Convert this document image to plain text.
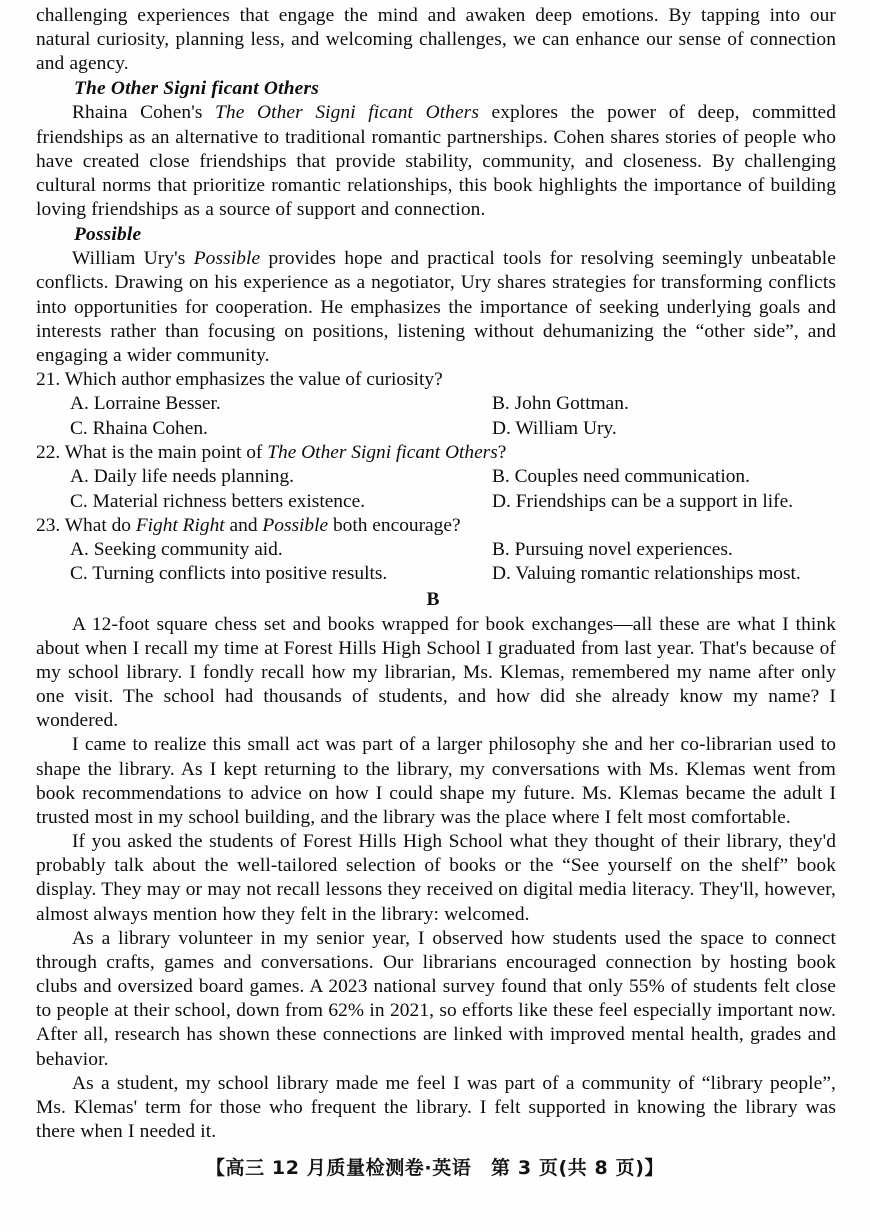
challenging experiences that engage the mind and awaken deep emotions. By tapping into our natural curiosity, planning less, and welcoming challenges, we can enhance our sense of connection and agency.

The Other Signi ficant Others

Rhaina Cohen's The Other Signi ficant Others explores the power of deep, committed friendships as an alternative to traditional romantic partnerships. Cohen shares stories of people who have created close friendships that provide stability, community, and closeness. By challenging cultural norms that prioritize romantic relationships, this book highlights the importance of building loving friendships as a source of support and connection.

Possible

William Ury's Possible provides hope and practical tools for resolving seemingly unbeatable conflicts. Drawing on his experience as a negotiator, Ury shares strategies for transforming conflicts into opportunities for cooperation. He emphasizes the importance of seeking underlying goals and interests rather than focusing on positions, listening without dehumanizing the “other side”, and engaging a wider community.

21. Which author emphasizes the value of curiosity?

A. Lorraine Besser.	B. John Gottman.
C. Rhaina Cohen.	D. William Ury.

22. What is the main point of The Other Signi ficant Others?

A. Daily life needs planning.	B. Couples need communication.
C. Material richness betters existence.	D. Friendships can be a support in life.

23. What do Fight Right and Possible both encourage?

A. Seeking community aid.	B. Pursuing novel experiences.
C. Turning conflicts into positive results.	D. Valuing romantic relationships most.

B

A 12-foot square chess set and books wrapped for book exchanges—all these are what I think about when I recall my time at Forest Hills High School I graduated from last year. That's because of my school library. I fondly recall how my librarian, Ms. Klemas, remembered my name after only one visit. The school had thousands of students, and how did she already know my name? I wondered.

I came to realize this small act was part of a larger philosophy she and her co-librarian used to shape the library. As I kept returning to the library, my conversations with Ms. Klemas went from book recommendations to advice on how I could shape my future. Ms. Klemas became the adult I trusted most in my school building, and the library was the place where I felt most comfortable.

If you asked the students of Forest Hills High School what they thought of their library, they'd probably talk about the well-tailored selection of books or the “See yourself on the shelf” book display. They may or may not recall lessons they received on digital media literacy. They'll, however, almost always mention how they felt in the library: welcomed.

As a library volunteer in my senior year, I observed how students used the space to connect through crafts, games and conversations. Our librarians encouraged connection by hosting book clubs and oversized board games. A 2023 national survey found that only 55% of students felt close to people at their school, down from 62% in 2021, so efforts like these feel especially important now. After all, research has shown these connections are linked with improved mental health, grades and behavior.

As a student, my school library made me feel I was part of a community of “library people”, Ms. Klemas' term for those who frequent the library. I felt supported in knowing the library was there when I needed it.

【高三 12 月质量检测卷·英语　第 3 页(共 8 页)】
